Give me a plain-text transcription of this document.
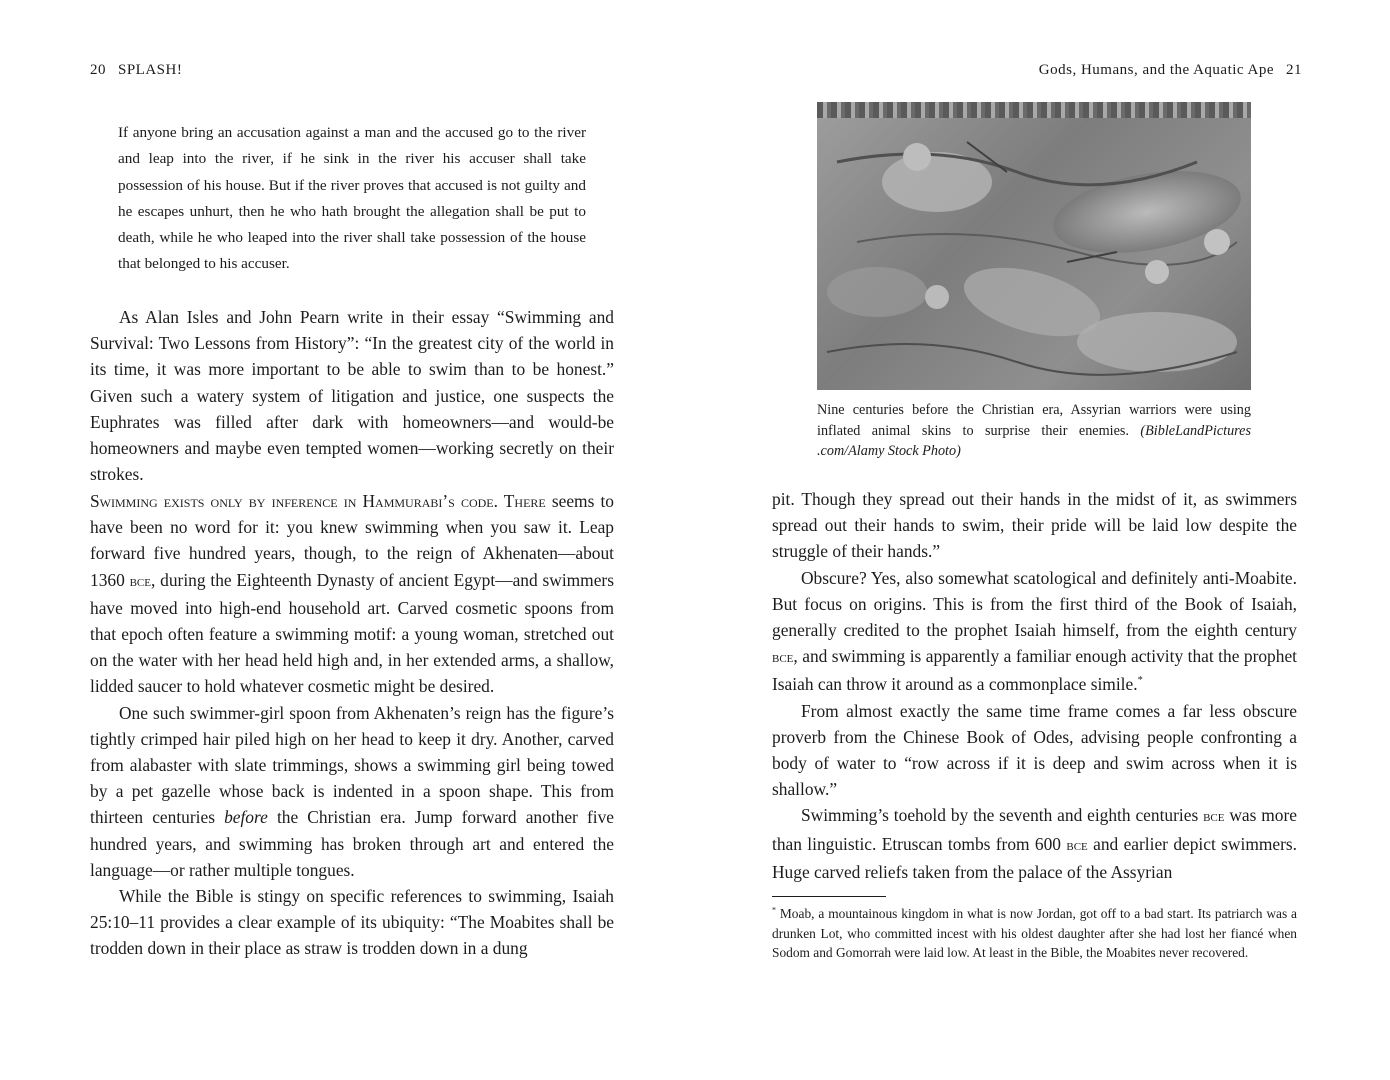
20 SPLASH!

If anyone bring an accusation against a man and the accused go to the river and leap into the river, if he sink in the river his accuser shall take possession of his house. But if the river proves that accused is not guilty and he escapes unhurt, then he who hath brought the allegation shall be put to death, while he who leaped into the river shall take possession of the house that belonged to his accuser.

As Alan Isles and John Pearn write in their essay “Swimming and Survival: Two Lessons from History”: “In the greatest city of the world in its time, it was more important to be able to swim than to be honest.” Given such a watery system of litigation and justice, one suspects the Euphrates was filled after dark with homeowners—and would-be homeowners and maybe even tempted women—working secretly on their strokes.

Swimming exists only by inference in Hammurabi’s code. There seems to have been no word for it: you knew swimming when you saw it. Leap forward five hundred years, though, to the reign of Akhenaten—about 1360 bce, during the Eighteenth Dynasty of ancient Egypt—and swimmers have moved into high-end household art. Carved cosmetic spoons from that epoch often feature a swimming motif: a young woman, stretched out on the water with her head held high and, in her extended arms, a shallow, lidded saucer to hold whatever cosmetic might be desired.

One such swimmer-girl spoon from Akhenaten’s reign has the figure’s tightly crimped hair piled high on her head to keep it dry. Another, carved from alabaster with slate trimmings, shows a swimming girl being towed by a pet gazelle whose back is indented in a spoon shape. This from thirteen centuries before the Christian era. Jump forward another five hundred years, and swimming has broken through art and entered the language—or rather multiple tongues.

While the Bible is stingy on specific references to swimming, Isaiah 25:10–11 provides a clear example of its ubiquity: “The Moabites shall be trodden down in their place as straw is trodden down in a dung

Gods, Humans, and the Aquatic Ape 21
Nine centuries before the Christian era, Assyrian warriors were using inflated animal skins to surprise their enemies. (BibleLandPictures .com/Alamy Stock Photo)

pit. Though they spread out their hands in the midst of it, as swimmers spread out their hands to swim, their pride will be laid low despite the struggle of their hands.”

Obscure? Yes, also somewhat scatological and definitely anti-Moabite. But focus on origins. This is from the first third of the Book of Isaiah, generally credited to the prophet Isaiah himself, from the eighth century bce, and swimming is apparently a familiar enough activity that the prophet Isaiah can throw it around as a commonplace simile.*

From almost exactly the same time frame comes a far less obscure proverb from the Chinese Book of Odes, advising people confronting a body of water to “row across if it is deep and swim across when it is shallow.”

Swimming’s toehold by the seventh and eighth centuries bce was more than linguistic. Etruscan tombs from 600 bce and earlier depict swimmers. Huge carved reliefs taken from the palace of the Assyrian

* Moab, a mountainous kingdom in what is now Jordan, got off to a bad start. Its patriarch was a drunken Lot, who committed incest with his oldest daughter after she had lost her fiancé when Sodom and Gomorrah were laid low. At least in the Bible, the Moabites never recovered.
